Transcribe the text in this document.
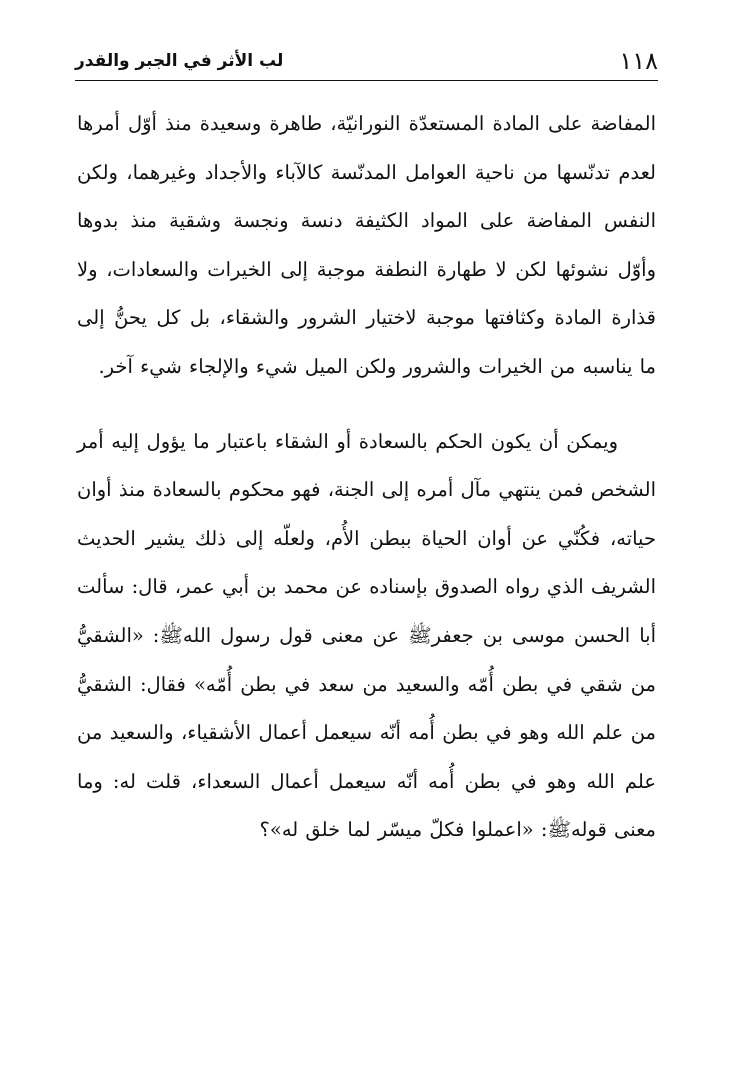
١١٨
لب الأثر في الجبر والقدر

المفاضة على المادة المستعدّة النورانيّة، طاهرة وسعيدة منذ أوّل أمرها لعدم تدنّسها من ناحية العوامل المدنّسة كالآباء والأجداد وغيرهما، ولكن النفس المفاضة على المواد الكثيفة دنسة ونجسة وشقية منذ بدوها وأوّل نشوئها لكن لا طهارة النطفة موجبة إلى الخيرات والسعادات، ولا قذارة المادة وكثافتها موجبة لاختيار الشرور والشقاء، بل كل يحنُّ إلى ما يناسبه من الخيرات والشرور ولكن الميل شيء والإلجاء شيء آخر.

ويمكن أن يكون الحكم بالسعادة أو الشقاء باعتبار ما يؤول إليه أمر الشخص فمن ينتهي مآل أمره إلى الجنة، فهو محكوم بالسعادة منذ أوان حياته، فكُنّي عن أوان الحياة ببطن الأُم، ولعلّه إلى ذلك يشير الحديث الشريف الذي رواه الصدوق بإسناده عن محمد بن أبي عمر، قال: سألت أبا الحسن موسى بن جعفرﷺ عن معنى قول رسول اللهﷺ: «الشقيُّ من شقي في بطن أُمّه والسعيد من سعد في بطن أُمّه» فقال: الشقيُّ من علم الله وهو في بطن أُمه أنّه سيعمل أعمال الأشقياء، والسعيد من علم الله وهو في بطن أُمه أنّه سيعمل أعمال السعداء، قلت له: وما معنى قولهﷺ: «اعملوا فكلّ ميسّر لما خلق له»؟
